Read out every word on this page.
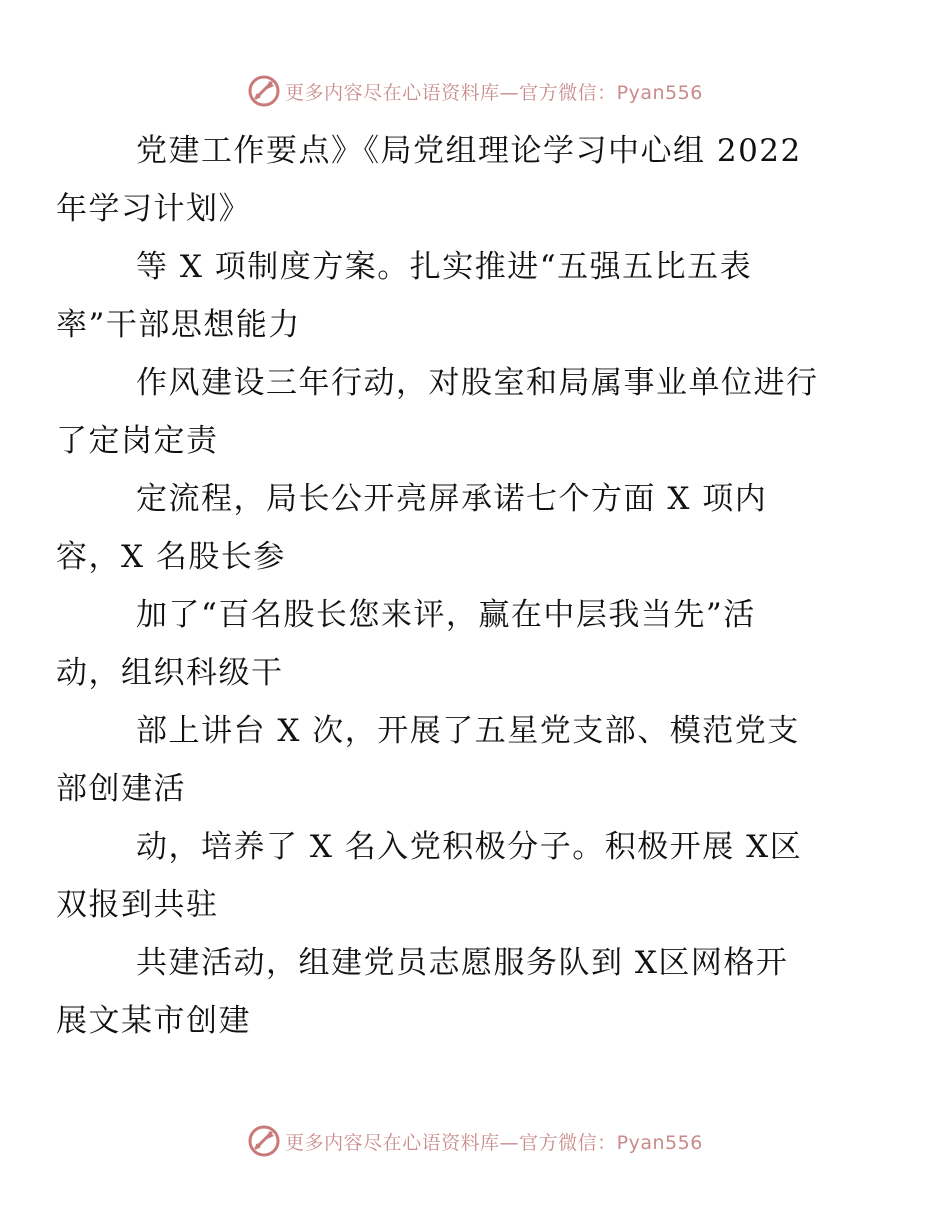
更多内容尽在心语资料库—官方微信：Pyan556

党建工作要点》《局党组理论学习中心组 2022
年学习计划》

等 X 项制度方案。扎实推进“五强五比五表
率”干部思想能力

作风建设三年行动，对股室和局属事业单位进行
了定岗定责

定流程，局长公开亮屏承诺七个方面 X 项内
容，X 名股长参

加了“百名股长您来评，赢在中层我当先”活
动，组织科级干

部上讲台 X 次，开展了五星党支部、模范党支
部创建活

动，培养了 X 名入党积极分子。积极开展 X区
双报到共驻

共建活动，组建党员志愿服务队到 X区网格开
展文某市创建

更多内容尽在心语资料库—官方微信：Pyan556
